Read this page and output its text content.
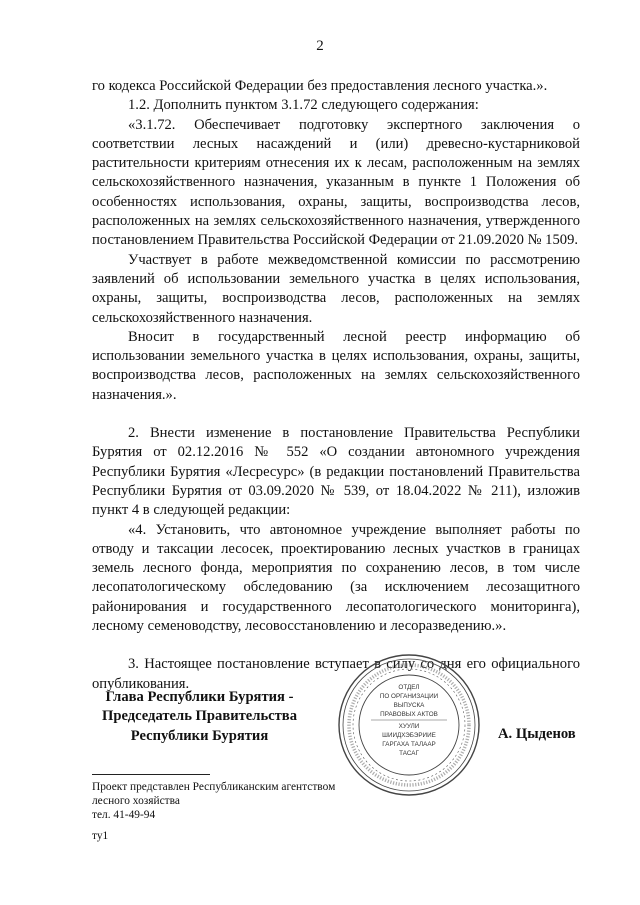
2

го кодекса Российской Федерации без предоставления лесного участка.».

1.2. Дополнить пунктом 3.1.72 следующего содержания:

«3.1.72. Обеспечивает подготовку экспертного заключения о соответствии лесных насаждений и (или) древесно-кустарниковой растительности критериям отнесения их к лесам, расположенным на землях сельскохозяйственного назначения, указанным в пункте 1 Положения об особенностях использования, охраны, защиты, воспроизводства лесов, расположенных на землях сельскохозяйственного назначения, утвержденного постановлением Правительства Российской Федерации от 21.09.2020 № 1509.

Участвует в работе межведомственной комиссии по рассмотрению заявлений об использовании земельного участка в целях использования, охраны, защиты, воспроизводства лесов, расположенных на землях сельскохозяйственного назначения.

Вносит в государственный лесной реестр информацию об использовании земельного участка в целях использования, охраны, защиты, воспроизводства лесов, расположенных на землях сельскохозяйственного назначения.».

2. Внести изменение в постановление Правительства Республики Бурятия от 02.12.2016 № 552 «О создании автономного учреждения Республики Бурятия «Лесресурс» (в редакции постановлений Правительства Республики Бурятия от 03.09.2020 № 539, от 18.04.2022 № 211), изложив пункт 4 в следующей редакции:

«4. Установить, что автономное учреждение выполняет работы по отводу и таксации лесосек, проектированию лесных участков в границах земель лесного фонда, мероприятия по сохранению лесов, в том числе лесопатологическому обследованию (за исключением лесозащитного районирования и государственного лесопатологического мониторинга), лесному семеноводству, лесовосстановлению и лесоразведению.».

3. Настоящее постановление вступает в силу со дня его официального опубликования.

Глава Республики Бурятия -
Председатель Правительства
Республики Бурятия
ОТДЕЛ
ПО ОРГАНИЗАЦИИ
ВЫПУСКА
ПРАВОВЫХ АКТОВ
ХУУЛИ
ШИИДХЭБЭРИИЕ
ГАРГАХА ТАЛААР
ТАСАГ
А. Цыденов
Проект представлен Республиканским агентством
лесного хозяйства
тел. 41-49-94
ту1
